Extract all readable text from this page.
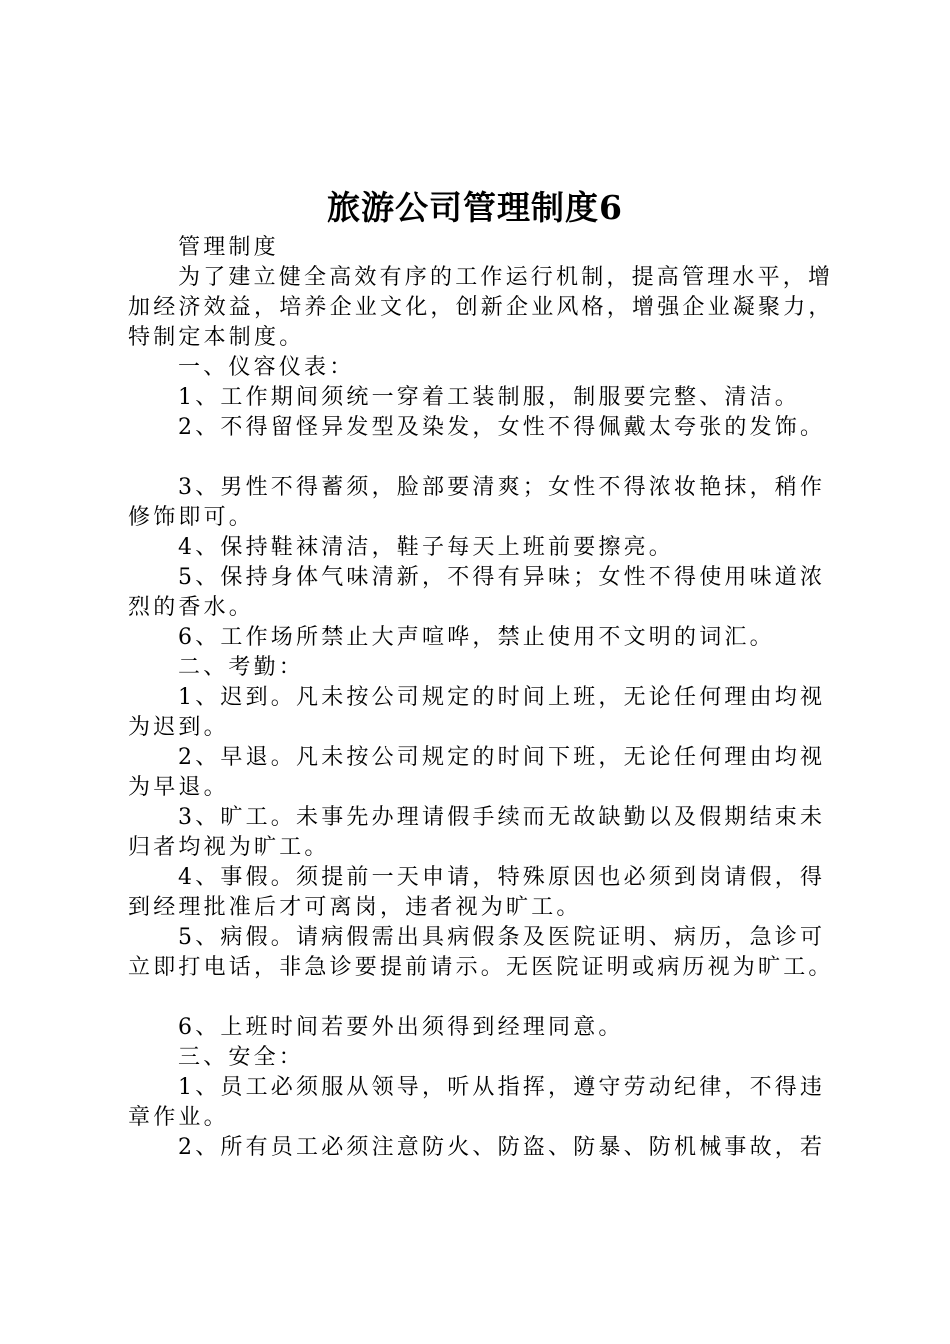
旅游公司管理制度6

管理制度

为了建立健全高效有序的工作运行机制，提高管理水平，增加经济效益，培养企业文化，创新企业风格，增强企业凝聚力，特制定本制度。

一、仪容仪表：

1、工作期间须统一穿着工装制服，制服要完整、清洁。

2、不得留怪异发型及染发，女性不得佩戴太夸张的发饰。

3、男性不得蓄须，脸部要清爽；女性不得浓妆艳抹，稍作修饰即可。

4、保持鞋袜清洁，鞋子每天上班前要擦亮。

5、保持身体气味清新，不得有异味；女性不得使用味道浓烈的香水。

6、工作场所禁止大声喧哗，禁止使用不文明的词汇。

二、考勤：

1、迟到。凡未按公司规定的时间上班，无论任何理由均视为迟到。

2、早退。凡未按公司规定的时间下班，无论任何理由均视为早退。

3、旷工。未事先办理请假手续而无故缺勤以及假期结束未归者均视为旷工。

4、事假。须提前一天申请，特殊原因也必须到岗请假，得到经理批准后才可离岗，违者视为旷工。

5、病假。请病假需出具病假条及医院证明、病历，急诊可立即打电话，非急诊要提前请示。无医院证明或病历视为旷工。

6、上班时间若要外出须得到经理同意。

三、安全：

1、员工必须服从领导，听从指挥，遵守劳动纪律，不得违章作业。

2、所有员工必须注意防火、防盗、防暴、防机械事故，若
